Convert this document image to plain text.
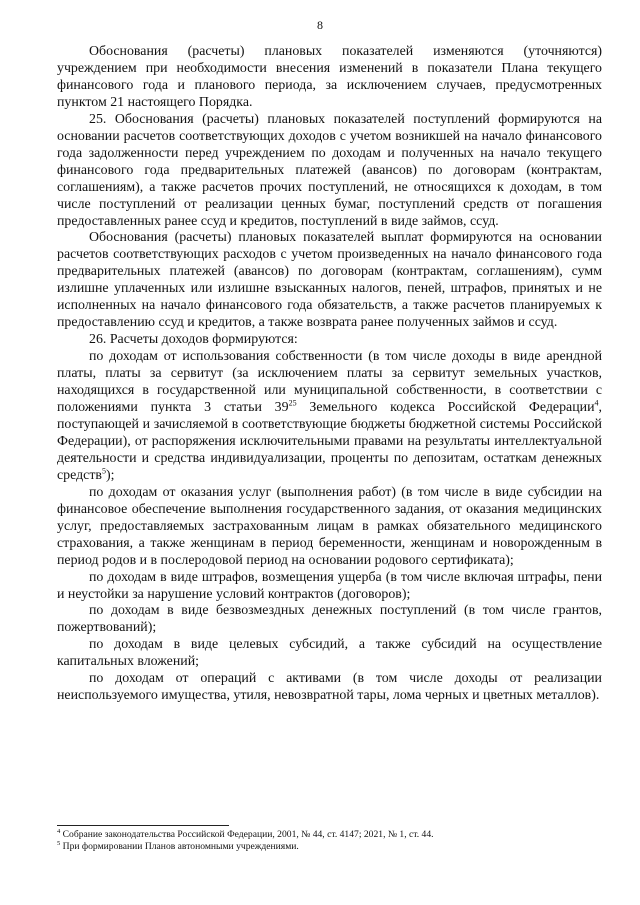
8

Обоснования (расчеты) плановых показателей изменяются (уточняются) учреждением при необходимости внесения изменений в показатели Плана текущего финансового года и планового периода, за исключением случаев, предусмотренных пунктом 21 настоящего Порядка.

25. Обоснования (расчеты) плановых показателей поступлений формируются на основании расчетов соответствующих доходов с учетом возникшей на начало финансового года задолженности перед учреждением по доходам и полученных на начало текущего финансового года предварительных платежей (авансов) по договорам (контрактам, соглашениям), а также расчетов прочих поступлений, не относящихся к доходам, в том числе поступлений от реализации ценных бумаг, поступлений средств от погашения предоставленных ранее ссуд и кредитов, поступлений в виде займов, ссуд.

Обоснования (расчеты) плановых показателей выплат формируются на основании расчетов соответствующих расходов с учетом произведенных на начало финансового года предварительных платежей (авансов) по договорам (контрактам, соглашениям), сумм излишне уплаченных или излишне взысканных налогов, пеней, штрафов, принятых и не исполненных на начало финансового года обязательств, а также расчетов планируемых к предоставлению ссуд и кредитов, а также возврата ранее полученных займов и ссуд.

26. Расчеты доходов формируются:

по доходам от использования собственности (в том числе доходы в виде арендной платы, платы за сервитут (за исключением платы за сервитут земельных участков, находящихся в государственной или муниципальной собственности, в соответствии с положениями пункта 3 статьи $39^{25}$ Земельного кодекса Российской Федерации$^4$, поступающей и зачисляемой в соответствующие бюджеты бюджетной системы Российской Федерации), от распоряжения исключительными правами на результаты интеллектуальной деятельности и средства индивидуализации, проценты по депозитам, остаткам денежных средств$^5$);

по доходам от оказания услуг (выполнения работ) (в том числе в виде субсидии на финансовое обеспечение выполнения государственного задания, от оказания медицинских услуг, предоставляемых застрахованным лицам в рамках обязательного медицинского страхования, а также женщинам в период беременности, женщинам и новорожденным в период родов и в послеродовой период на основании родового сертификата);

по доходам в виде штрафов, возмещения ущерба (в том числе включая штрафы, пени и неустойки за нарушение условий контрактов (договоров);

по доходам в виде безвозмездных денежных поступлений (в том числе грантов, пожертвований);

по доходам в виде целевых субсидий, а также субсидий на осуществление капитальных вложений;

по доходам от операций с активами (в том числе доходы от реализации неиспользуемого имущества, утиля, невозвратной тары, лома черных и цветных металлов).

$^4$ Собрание законодательства Российской Федерации, 2001, № 44, ст. 4147; 2021, № 1, ст. 44.

$^5$ При формировании Планов автономными учреждениями.
